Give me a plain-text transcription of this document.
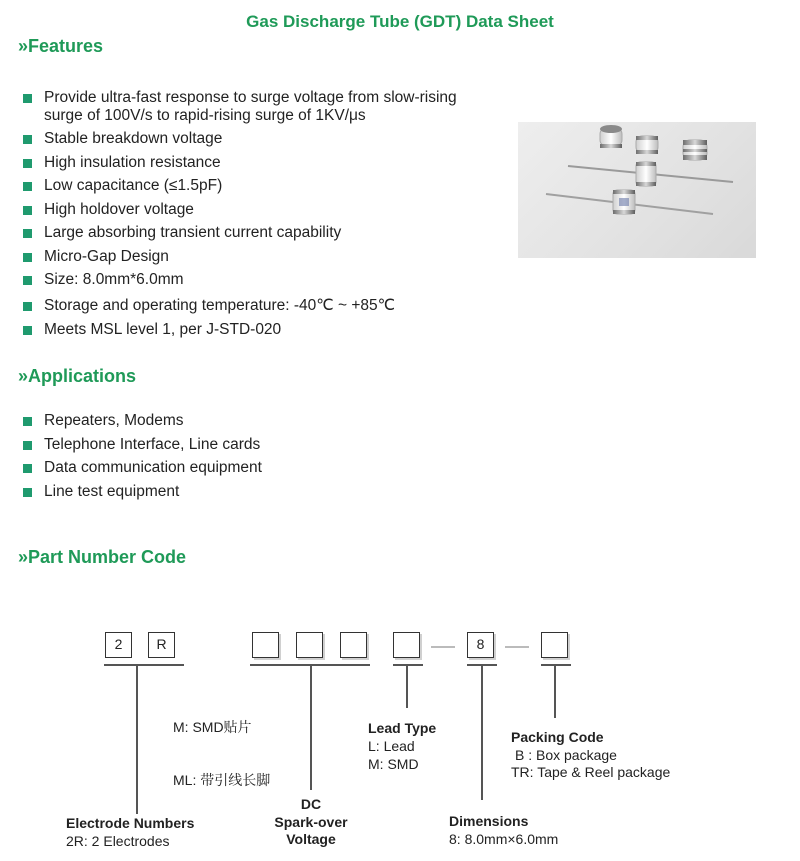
Gas Discharge Tube (GDT) Data Sheet
»Features
Provide ultra-fast response to surge voltage from slow-rising
surge of 100V/s to rapid-rising surge of 1KV/μs
Stable breakdown voltage
High insulation resistance
Low capacitance (≤1.5pF)
High holdover voltage
Large absorbing transient current capability
Micro-Gap Design
Size: 8.0mm*6.0mm
Storage and operating temperature: -40℃ ~ +85℃
Meets MSL level 1, per J-STD-020
»Applications
Repeaters, Modems
Telephone Interface, Line cards
Data communication equipment
Line test equipment
»Part Number Code
2	R	8
M: SMD贴片
ML: 带引线长脚
Electrode Numbers
2R: 2 Electrodes
DC
Spark-over
Voltage
Lead Type
L: Lead
M: SMD
Dimensions
8: 8.0mm×6.0mm
Packing Code
B : Box package
TR: Tape & Reel package
